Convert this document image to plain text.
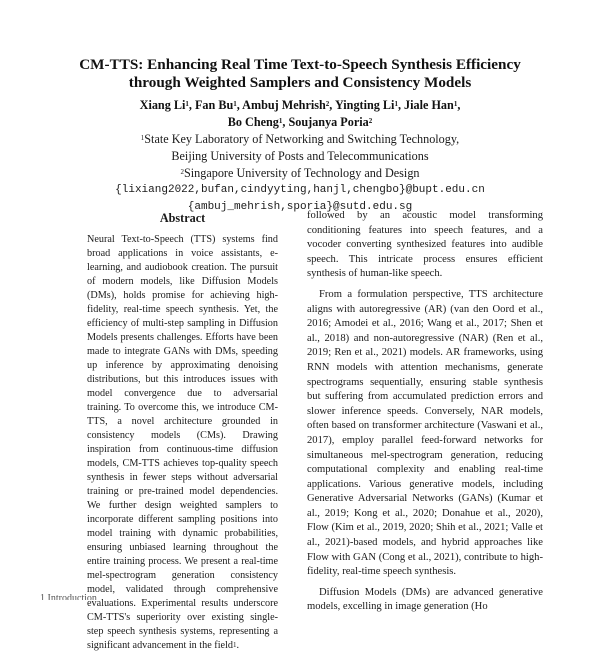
CM-TTS: Enhancing Real Time Text-to-Speech Synthesis Efficiency
through Weighted Samplers and Consistency Models
Xiang Li$^1$, Fan Bu$^1$, Ambuj Mehrish$^2$, Yingting Li$^1$, Jiale Han$^1$,
Bo Cheng$^1$, Soujanya Poria$^2$
$^1$State Key Laboratory of Networking and Switching Technology,
Beijing University of Posts and Telecommunications
$^2$Singapore University of Technology and Design
{lixiang2022,bufan,cindyyting,hanjl,chengbo}@bupt.edu.cn
{ambuj_mehrish,sporia}@sutd.edu.sg
Abstract

Neural Text-to-Speech (TTS) systems find broad applications in voice assistants, e-learning, and audiobook creation. The pursuit of modern models, like Diffusion Models (DMs), holds promise for achieving high-fidelity, real-time speech synthesis. Yet, the efficiency of multi-step sampling in Diffusion Models presents challenges. Efforts have been made to integrate GANs with DMs, speeding up inference by approximating denoising distributions, but this introduces issues with model convergence due to adversarial training. To overcome this, we introduce CM-TTS, a novel architecture grounded in consistency models (CMs). Drawing inspiration from continuous-time diffusion models, CM-TTS achieves top-quality speech synthesis in fewer steps without adversarial training or pre-trained model dependencies. We further design weighted samplers to incorporate different sampling positions into model training with dynamic probabilities, ensuring unbiased learning throughout the entire training process. We present a real-time mel-spectrogram generation consistency model, validated through comprehensive evaluations. Experimental results underscore CM-TTS's superiority over existing single-step speech synthesis systems, representing a significant advancement in the field$^1$.

followed by an acoustic model transforming conditioning features into speech features, and a vocoder converting synthesized features into audible speech. This intricate process ensures efficient synthesis of human-like speech.

From a formulation perspective, TTS architecture aligns with autoregressive (AR) (van den Oord et al., 2016; Amodei et al., 2016; Wang et al., 2017; Shen et al., 2018) and non-autoregressive (NAR) (Ren et al., 2019; Ren et al., 2021) models. AR frameworks, using RNN models with attention mechanisms, generate spectrograms sequentially, ensuring stable synthesis but suffering from accumulated prediction errors and slower inference speeds. Conversely, NAR models, often based on transformer architecture (Vaswani et al., 2017), employ parallel feed-forward networks for simultaneous mel-spectrogram generation, reducing computational complexity and enabling real-time applications. Various generative models, including Generative Adversarial Networks (GANs) (Kumar et al., 2019; Kong et al., 2020; Donahue et al., 2020), Flow (Kim et al., 2019, 2020; Shih et al., 2021; Valle et al., 2021)-based models, and hybrid approaches like Flow with GAN (Cong et al., 2021), contribute to high-fidelity, real-time speech synthesis.

Diffusion Models (DMs) are advanced generative models, excelling in image generation (Ho

1 Introduction
